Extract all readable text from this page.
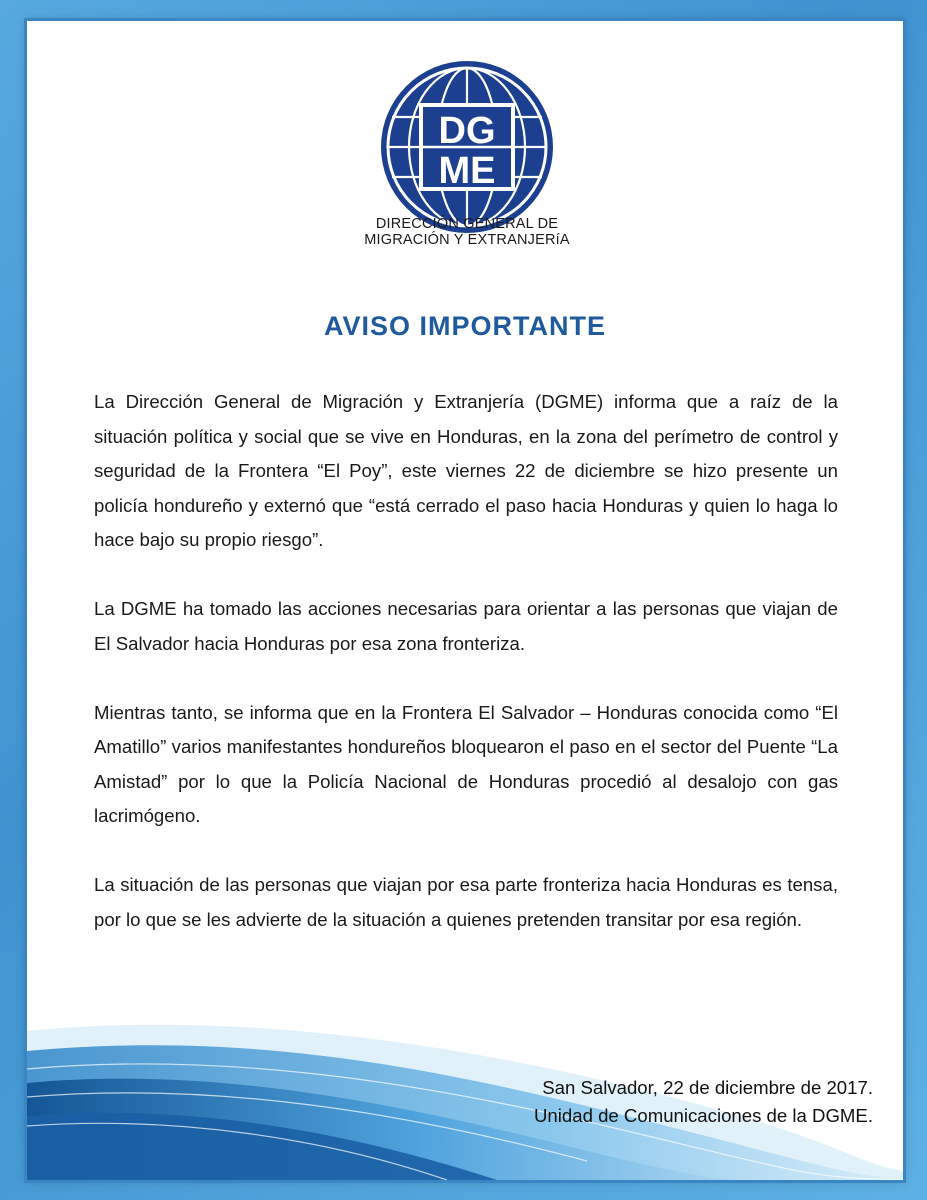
DG
ME
DIRECCIÓN GENERAL DE
MIGRACIÓN Y EXTRANJERíA
AVISO IMPORTANTE

La Dirección General de Migración y Extranjería (DGME) informa que a raíz de la situación política y social que se vive en Honduras, en la zona del perímetro de control y seguridad de la Frontera “El Poy”, este viernes 22 de diciembre se hizo presente un policía hondureño y externó que “está cerrado el paso hacia Honduras y quien lo haga lo hace bajo su propio riesgo”.

La DGME ha tomado las acciones necesarias para orientar a las personas que viajan de El Salvador hacia Honduras por esa zona fronteriza.

Mientras tanto, se informa que en la Frontera El Salvador – Honduras conocida como “El Amatillo” varios manifestantes hondureños bloquearon el paso en el sector del Puente “La Amistad” por lo que la Policía Nacional de Honduras procedió al desalojo con gas lacrimógeno.

La situación de las personas que viajan por esa parte fronteriza hacia Honduras es tensa, por lo que se les advierte de la situación a quienes pretenden transitar por esa región.

San Salvador, 22 de diciembre de 2017.
Unidad de Comunicaciones de la DGME.
